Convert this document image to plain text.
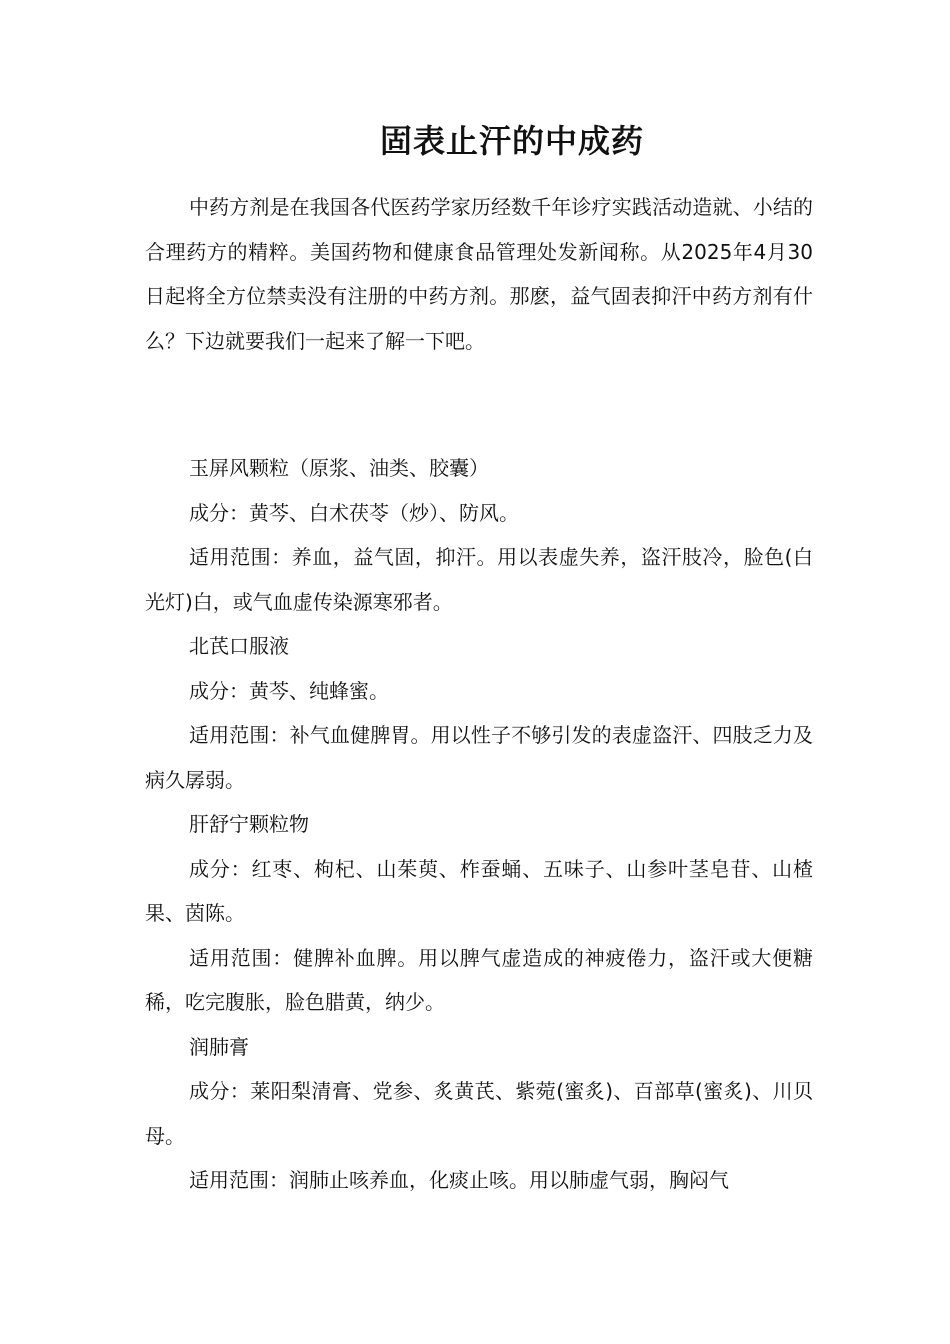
固表止汗的中成药

中药方剂是在我国各代医药学家历经数千年诊疗实践活动造就、小结的合理药方的精粹。美国药物和健康食品管理处发新闻称。从2025年4月30日起将全方位禁卖没有注册的中药方剂。那麽，益气固表抑汗中药方剂有什么？下边就要我们一起来了解一下吧。

玉屏风颗粒（原浆、油类、胶囊）

成分：黄芩、白术茯苓（炒）、防风。

适用范围：养血，益气固，抑汗。用以表虚失养，盗汗肢冷，脸色(白光灯)白，或气血虚传染源寒邪者。

北芪口服液

成分：黄芩、纯蜂蜜。

适用范围：补气血健脾胃。用以性子不够引发的表虚盗汗、四肢乏力及病久孱弱。

肝舒宁颗粒物

成分：红枣、枸杞、山茱萸、柞蚕蛹、五味子、山参叶茎皂苷、山楂果、茵陈。

适用范围：健脾补血脾。用以脾气虚造成的神疲倦力，盗汗或大便糖稀，吃完腹胀，脸色腊黄，纳少。

润肺膏

成分：莱阳梨清膏、党参、炙黄芪、紫菀(蜜炙)、百部草(蜜炙)、川贝母。

适用范围：润肺止咳养血，化痰止咳。用以肺虚气弱，胸闷气
